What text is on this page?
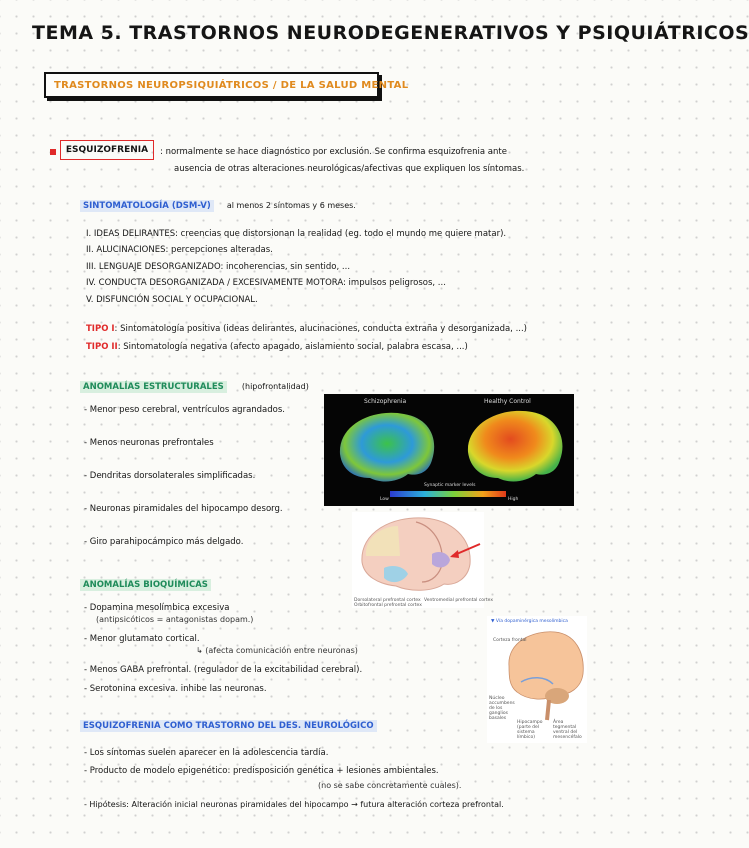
TEMA 5. TRASTORNOS NEURODEGENERATIVOS Y PSIQUIÁTRICOS
TRASTORNOS NEUROPSIQUIÁTRICOS / DE LA SALUD MENTAL
ESQUIZOFRENIA	: normalmente se hace diagnóstico por exclusión. Se confirma esquizofrenia ante
ausencia de otras alteraciones neurológicas/afectivas que expliquen los síntomas.
SINTOMATOLOGÍA (DSM-V) al menos 2 síntomas y 6 meses.
I. IDEAS DELIRANTES: creencias que distorsionan la realidad (eg. todo el mundo me quiere matar).
II. ALUCINACIONES: percepciones alteradas.
III. LENGUAJE DESORGANIZADO: incoherencias, sin sentido, ...
IV. CONDUCTA DESORGANIZADA / EXCESIVAMENTE MOTORA: impulsos peligrosos, ...
V. DISFUNCIÓN SOCIAL Y OCUPACIONAL.
TIPO I: Sintomatología positiva (ideas delirantes, alucinaciones, conducta extraña y desorganizada, ...)
TIPO II: Sintomatología negativa (afecto apagado, aislamiento social, palabra escasa, ...)
ANOMALÍAS ESTRUCTURALES (hipofrontalidad)
- Menor peso cerebral, ventrículos agrandados.
- Menos neuronas prefrontales
- Dendritas dorsolaterales simplificadas.
- Neuronas piramidales del hipocampo desorg.
- Giro parahipocámpico más delgado.
Schizophrenia	Healthy Control
Synaptic marker levels
Low	High
Dorsolateral prefrontal cortex
Orbitofrontal prefrontal cortex
Ventromedial prefrontal cortex
ANOMALÍAS BIOQUÍMICAS
- Dopamina mesolímbica excesiva
(antipsicóticos = antagonistas dopam.)
- Menor glutamato cortical.
↳ (afecta comunicación entre neuronas)
- Menos GABA prefrontal. (regulador de la excitabilidad cerebral).
- Serotonina excesiva. inhibe las neuronas.
▼ Vía dopaminérgica mesolímbica
Corteza frontal
Núcleo accumbens de los ganglios basales
Hipocampo (parte del sistema límbico)
Área tegmental ventral del mesencéfalo
ESQUIZOFRENIA COMO TRASTORNO DEL DES. NEUROLÓGICO
- Los síntomas suelen aparecer en la adolescencia tardía.
- Producto de modelo epigenético: predisposición genética + lesiones ambientales.
(no se sabe concretamente cuales).
- Hipótesis: Alteración inicial neuronas piramidales del hipocampo → futura alteración corteza prefrontal.
